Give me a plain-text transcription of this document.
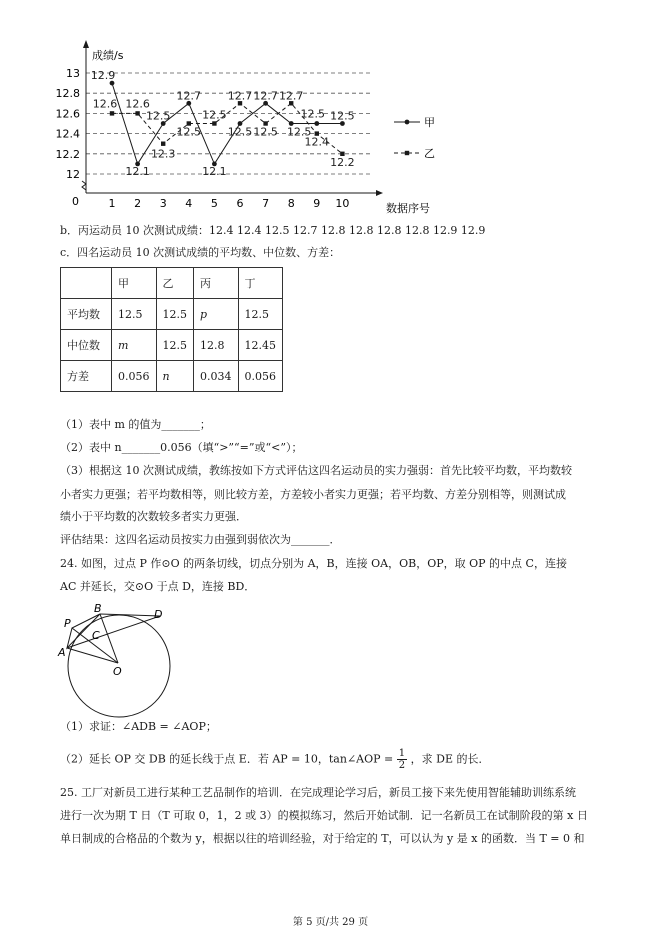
12
12.2
12.4
12.6
12.8
13
0	1 2 3 4 5 6 7 8 9 10
成绩/s
数据序号
12.9
12.1
12.5
12.7
12.1
12.5
12.7
12.5
12.5 12.5
12.6 12.6
12.3
12.5
12.5
12.7
12.5
12.7
12.4
12.2
甲
乙
b．丙运动员 10 次测试成绩：12.4 12.4 12.5 12.7 12.8 12.8 12.8 12.8 12.9 12.9
c．四名运动员 10 次测试成绩的平均数、中位数、方差：
	甲	乙	丙	丁
平均数	12.5	12.5	p	12.5
中位数	m	12.5	12.8	12.45
方差	0.056	n	0.034	0.056
（1）表中 m 的值为_______；
（2）表中 n_______0.056（填“>”“=”或“<”）；
（3）根据这 10 次测试成绩，教练按如下方式评估这四名运动员的实力强弱：首先比较平均数，平均数较
小者实力更强；若平均数相等，则比较方差，方差较小者实力更强；若平均数、方差分别相等，则测试成
绩小于平均数的次数较多者实力更强．
评估结果：这四名运动员按实力由强到弱依次为_______．
24. 如图，过点 P 作⊙O 的两条切线，切点分别为 A，B，连接 OA，OB，OP，取 OP 的中点 C，连接
AC 并延长，交⊙O 于点 D，连接 BD．
P
B	D
C
A
O
（1）求证：∠ADB = ∠AOP；
（2）延长 OP 交 DB 的延长线于点 E．若 AP = 10，tan∠AOP = $\frac{1}{2}$ ，求 DE 的长．
25. 工厂对新员工进行某种工艺品制作的培训．在完成理论学习后，新员工接下来先使用智能辅助训练系统
进行一次为期 T 日（T 可取 0，1，2 或 3）的模拟练习，然后开始试制．记一名新员工在试制阶段的第 x 日
单日制成的合格品的个数为 y，根据以往的培训经验，对于给定的 T，可以认为 y 是 x 的函数．当 T = 0 和
第 5 页/共 29 页
